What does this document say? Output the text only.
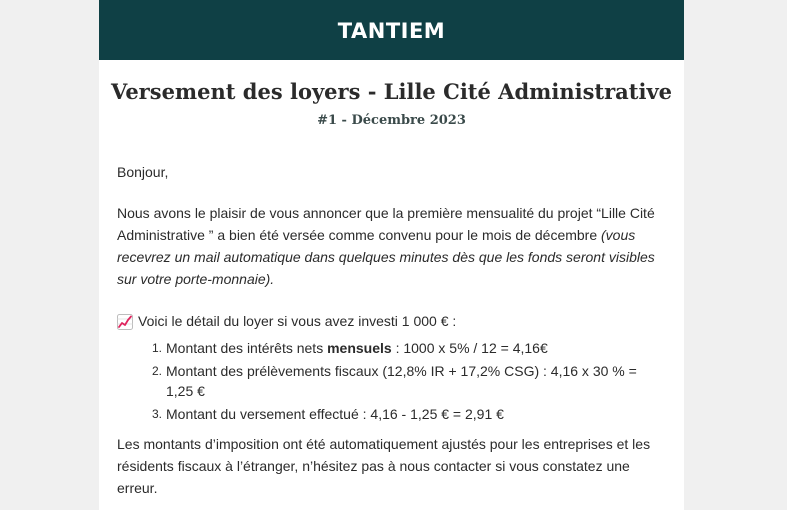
TANTIEM
Versement des loyers - Lille Cité Administrative
#1 - Décembre 2023

Bonjour,

Nous avons le plaisir de vous annoncer que la première mensualité du projet “Lille Cité Administrative ” a bien été versée comme convenu pour le mois de décembre (vous recevrez un mail automatique dans quelques minutes dès que les fonds seront visibles sur votre porte-monnaie).

Voici le détail du loyer si vous avez investi 1 000 € :
1. Montant des intérêts nets mensuels : 1000 x 5% / 12 = 4,16€
2. Montant des prélèvements fiscaux (12,8% IR + 17,2% CSG) : 4,16 x 30 % = 1,25 €
3. Montant du versement effectué : 4,16 - 1,25 € = 2,91 €

Les montants d’imposition ont été automatiquement ajustés pour les entreprises et les résidents fiscaux à l’étranger, n’hésitez pas à nous contacter si vous constatez une erreur.
